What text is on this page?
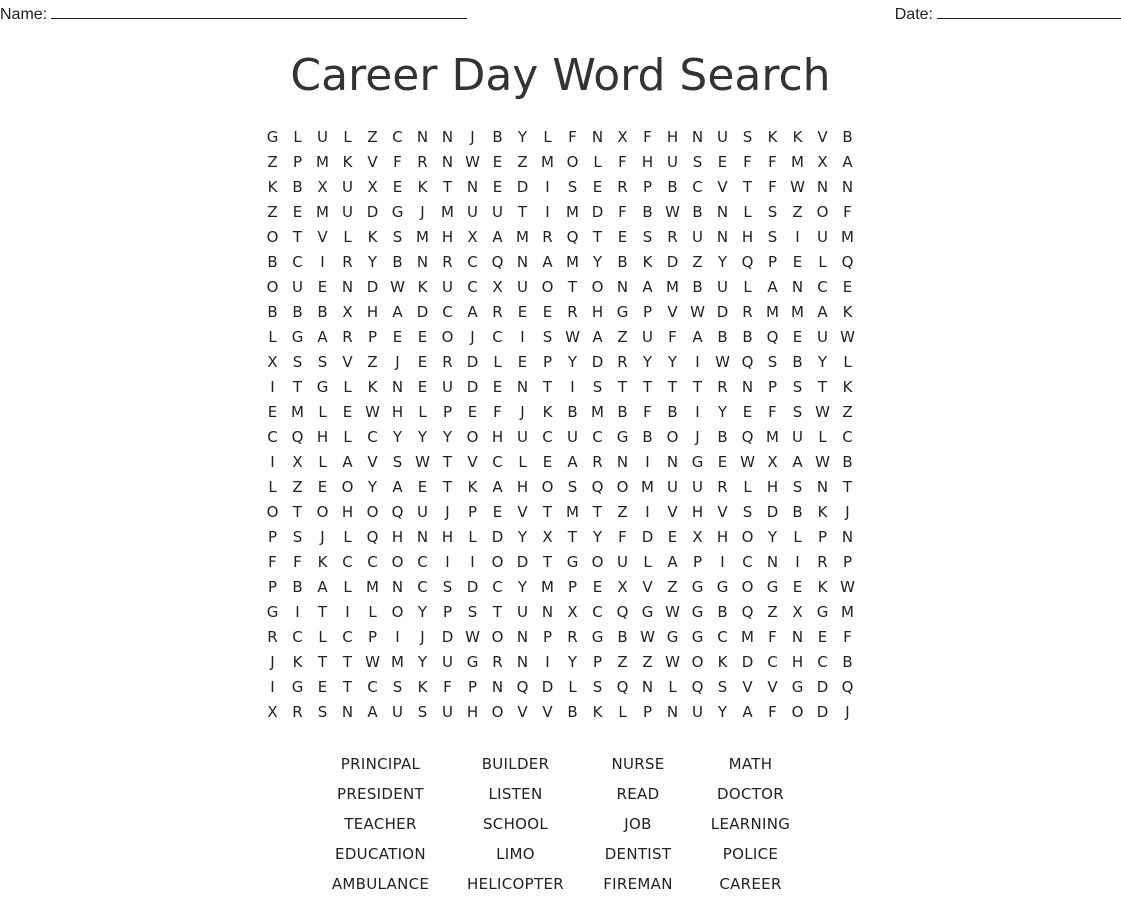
Name:	Date:
Career Day Word Search
G	L	U	L	Z C N N	J	B	Y	L	F	N X	F	H N U S	K	K V B
Z	P M K V	F	R N W E	Z M O L	F	H U S	E	F	F M X A
K B X U X	E	K	T N E D	I	S	E	R	P	B C V	T	F W N N
Z	E M U D G	J	M U U T	I	M D F	B W B N	L	S	Z O F
O T	V	L	K	S M H X A M R Q T	E	S	R U N H S	I	U M
B C	I	R	Y	B N R C Q N A M Y	B K D Z	Y Q P	E	L Q
O U E N D W K U C X U O T O N A M B U	L	A N C	E
B B B X H A D C A R	E	E	R H G P	V W D R M M A K
L	G A R	P	E	E O	J	C	I	S W A Z U	F	A B B Q E U W
X	S	S	V Z	J	E	R D	L	E	P	Y D R	Y	Y	I	W Q S	B	Y	L
I	T G	L	K N E U D E N T	I	S	T	T	T	T	R N P	S	T	K
E M L	E W H	L	P	E	F	J	K B M B	F	B	I	Y	E	F	S W Z
C Q H	L	C	Y	Y	Y O H U C U C G B O	J	B Q M U	L	C
I	X	L	A V	S W T	V C	L	E	A R N	I	N G E W X A W B
L	Z	E O Y	A	E	T	K A H O S Q O M U U R	L	H S N T
O T O H O Q U	J	P	E	V	T M T	Z	I	V H V	S D B K	J
P	S	J	L Q H N H	L	D Y	X	T	Y	F D E	X H O Y	L	P N
F	F	K C C O C	I	I	O D T G O U	L	A	P	I	C N	I	R	P
P	B A	L M N C	S D C	Y M P	E	X V Z G G O G E	K W
G	I	T	I	L O Y	P	S	T U N X C Q G W G B Q Z X G M
R C	L	C	P	I	J	D W O N P	R G B W G G C M F	N E	F
J	K	T	T W M Y U G R N	I	Y	P	Z Z W O K D C H C B
I	G E	T	C	S	K	F	P N Q D	L	S Q N	L Q S	V V G D Q
X R	S N A U S U H O V V B K	L	P N U Y	A	F O D	J
PRINCIPAL	BUILDER	NURSE	MATH
PRESIDENT	LISTEN	READ	DOCTOR
TEACHER	SCHOOL	JOB	LEARNING
EDUCATION	LIMO	DENTIST	POLICE
AMBULANCE	HELICOPTER	FIREMAN	CAREER
